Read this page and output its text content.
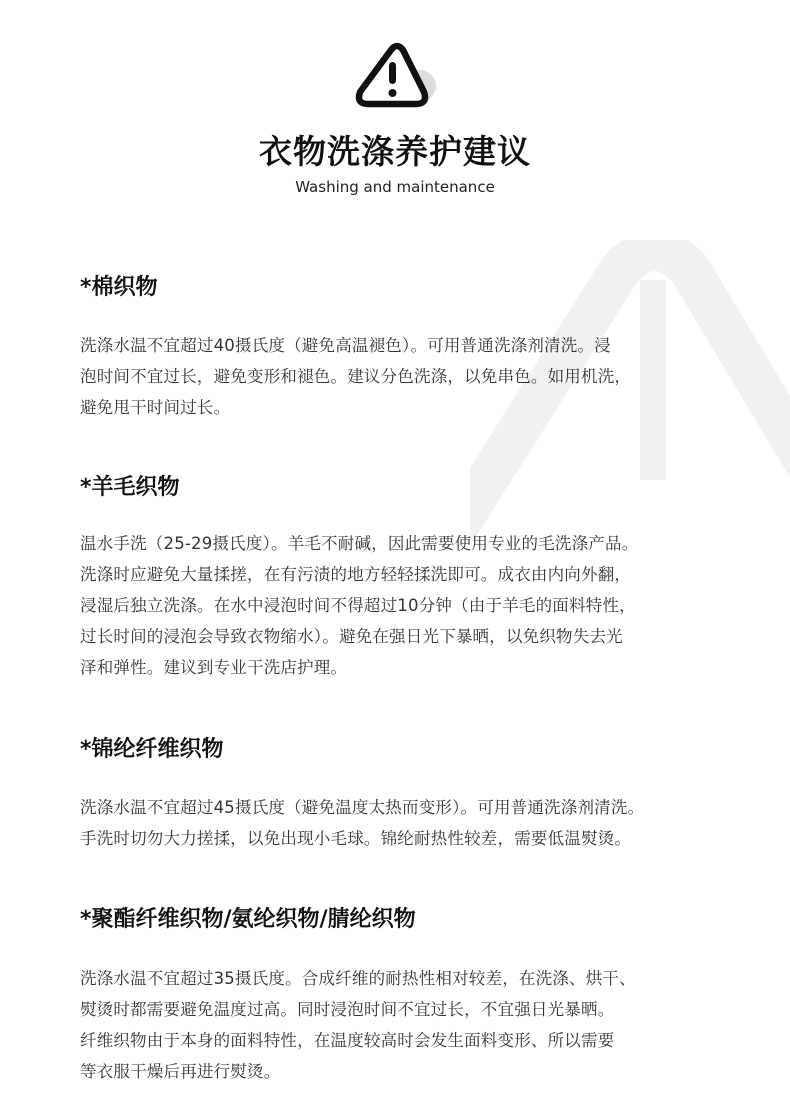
衣物洗涤养护建议
Washing and maintenance
*棉织物

洗涤水温不宜超过40摄氏度（避免高温褪色）。可用普通洗涤剂清洗。浸
泡时间不宜过长，避免变形和褪色。建议分色洗涤，以免串色。如用机洗，
避免甩干时间过长。

*羊毛织物

温水手洗（25-29摄氏度）。羊毛不耐碱，因此需要使用专业的毛洗涤产品。
洗涤时应避免大量揉搓，在有污渍的地方轻轻揉洗即可。成衣由内向外翻，
浸湿后独立洗涤。在水中浸泡时间不得超过10分钟（由于羊毛的面料特性，
过长时间的浸泡会导致衣物缩水）。避免在强日光下暴晒，以免织物失去光
泽和弹性。建议到专业干洗店护理。

*锦纶纤维织物

洗涤水温不宜超过45摄氏度（避免温度太热而变形）。可用普通洗涤剂清洗。
手洗时切勿大力搓揉，以免出现小毛球。锦纶耐热性较差，需要低温熨烫。

*聚酯纤维织物/氨纶织物/腈纶织物

洗涤水温不宜超过35摄氏度。合成纤维的耐热性相对较差，在洗涤、烘干、
熨烫时都需要避免温度过高。同时浸泡时间不宜过长，不宜强日光暴晒。
纤维织物由于本身的面料特性，在温度较高时会发生面料变形、所以需要
等衣服干燥后再进行熨烫。
